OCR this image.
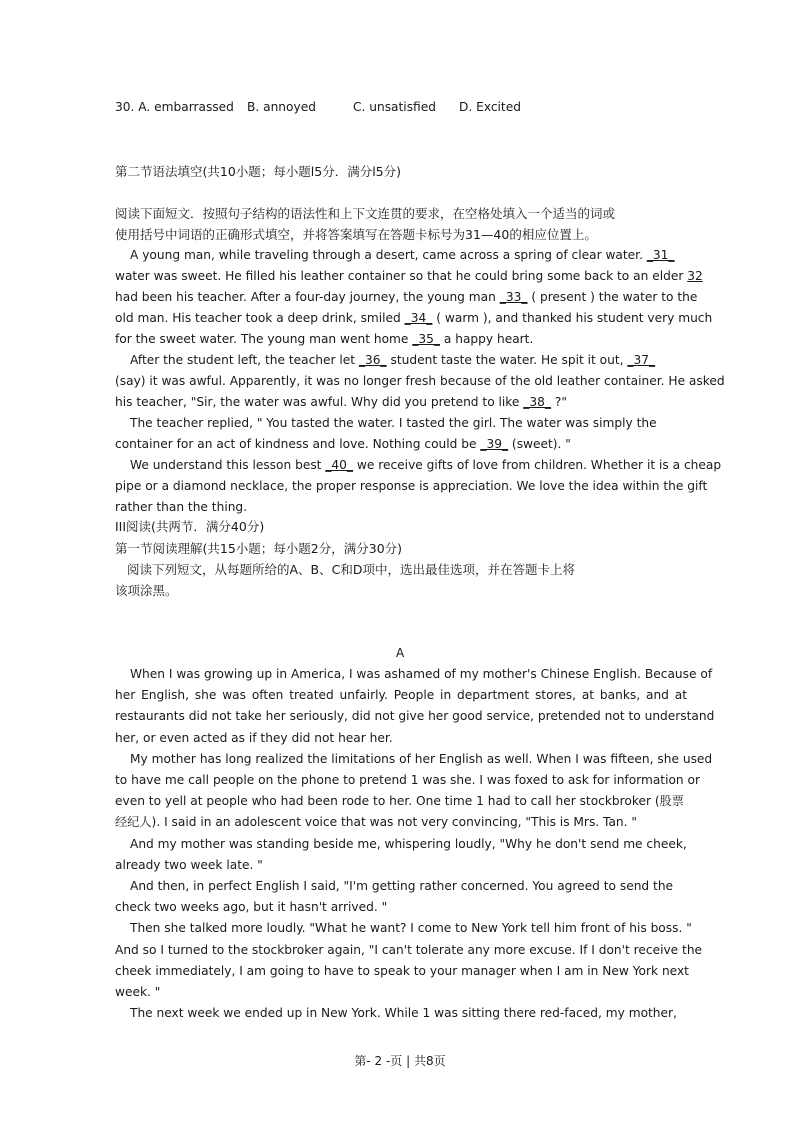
30. A. embarrassed B. annoyed	C. unsatisfied D. Excited
第二节语法填空(共10小题；每小题l5分．满分l5分)
阅读下面短文．按照句子结构的语法性和上下文连贯的要求，在空格处填入一个适当的词或
使用括号中词语的正确形式填空，并将答案填写在答题卡标号为31—40的相应位置上。
A young man, while traveling through a desert, came across a spring of clear water. _31_
water was sweet. He filled his leather container so that he could bring some back to an elder 32
had been his teacher. After a four-day journey, the young man _33_ ( present ) the water to the
old man. His teacher took a deep drink, smiled _34_ ( warm ), and thanked his student very much
for the sweet water. The young man went home _35_ a happy heart.
After the student left, the teacher let _36_ student taste the water. He spit it out, _37_
(say) it was awful. Apparently, it was no longer fresh because of the old leather container. He asked
his teacher, "Sir, the water was awful. Why did you pretend to like _38_ ?"
The teacher replied, " You tasted the water. I tasted the girl. The water was simply the
container for an act of kindness and love. Nothing could be _39_ (sweet). "
We understand this lesson best _40_ we receive gifts of love from children. Whether it is a cheap
pipe or a diamond necklace, the proper response is appreciation. We love the idea within the gift
rather than the thing.
III阅读(共两节．满分40分)
第一节阅读理解(共15小题；每小题2分，满分30分)
阅读下列短文，从每题所给的A、B、C和D项中，选出最佳选项，并在答题卡上将
该项涂黑。
A
When I was growing up in America, I was ashamed of my mother's Chinese English. Because of
her English, she was often treated unfairly. People in department stores, at banks, and at
restaurants did not take her seriously, did not give her good service, pretended not to understand
her, or even acted as if they did not hear her.
My mother has long realized the limitations of her English as well. When I was fifteen, she used
to have me call people on the phone to pretend 1 was she. I was foxed to ask for information or
even to yell at people who had been rode to her. One time 1 had to call her stockbroker (股票
经纪人). I said in an adolescent voice that was not very convincing, "This is Mrs. Tan. "
And my mother was standing beside me, whispering loudly, "Why he don't send me cheek,
already two week late. "
And then, in perfect English I said, "I'm getting rather concerned. You agreed to send the
check two weeks ago, but it hasn't arrived. "
Then she talked more loudly. "What he want? I come to New York tell him front of his boss. "
And so I turned to the stockbroker again, "I can't tolerate any more excuse. If I don't receive the
cheek immediately, I am going to have to speak to your manager when I am in New York next
week. "
The next week we ended up in New York. While 1 was sitting there red-faced, my mother,
第- 2 -页 | 共8页
